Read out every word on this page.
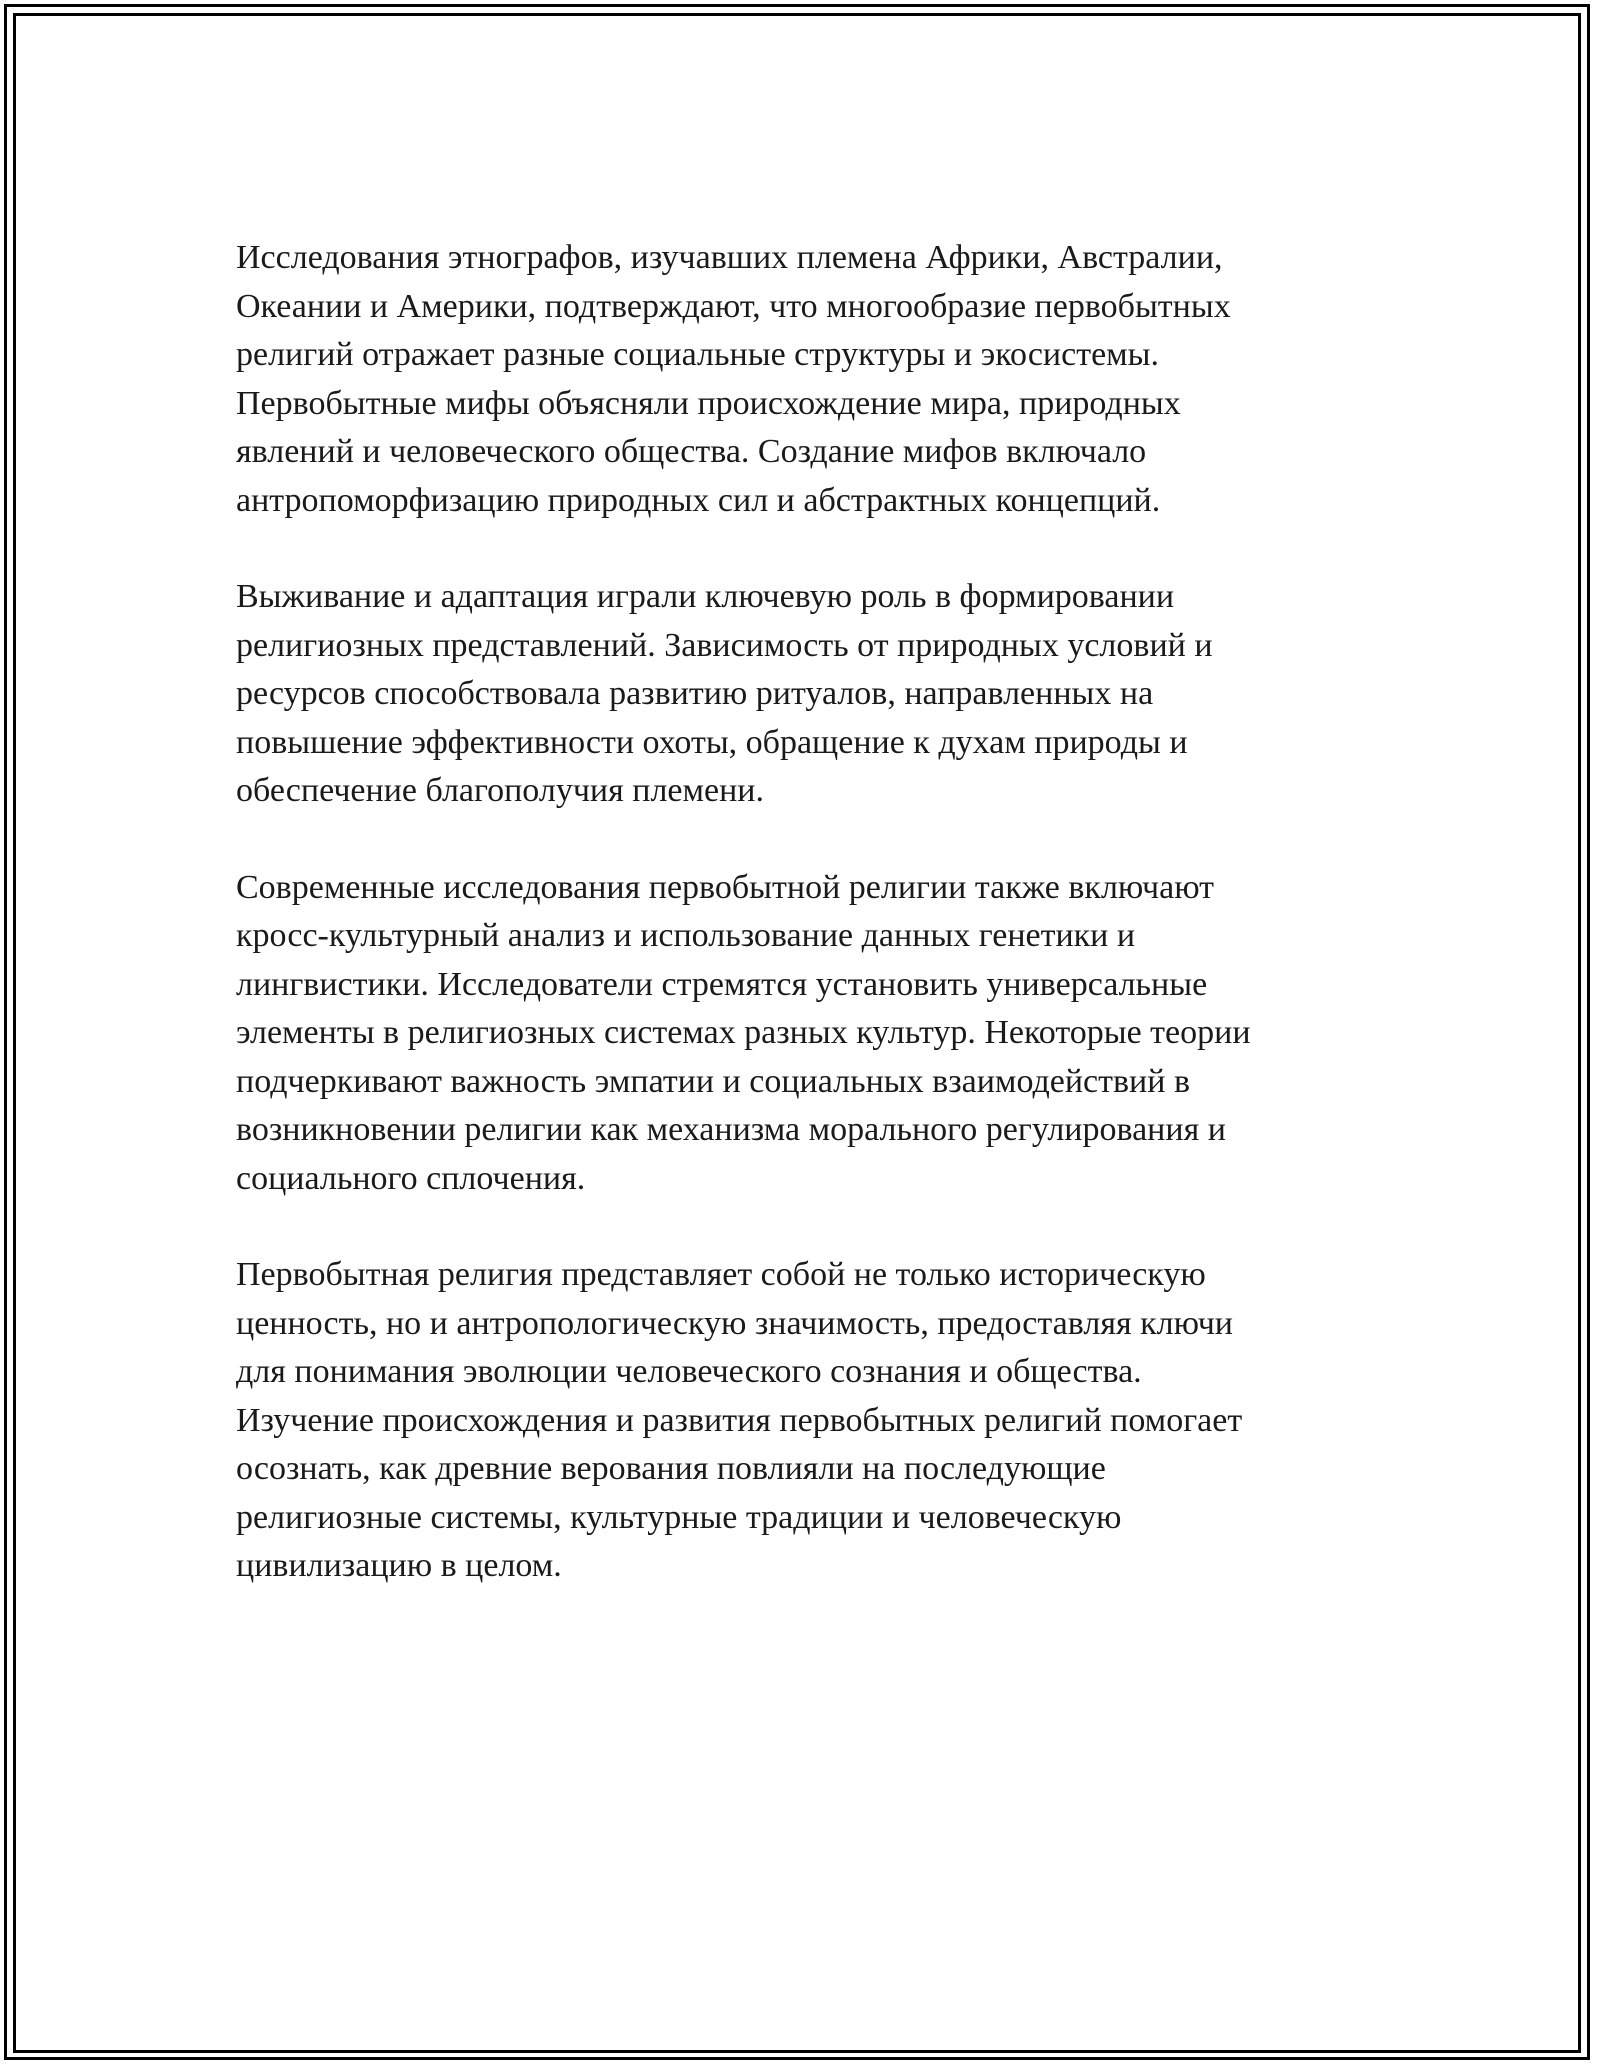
Исследования этнографов, изучавших племена Африки, Австралии,
Океании и Америки, подтверждают, что многообразие первобытных
религий отражает разные социальные структуры и экосистемы.
Первобытные мифы объясняли происхождение мира, природных
явлений и человеческого общества. Создание мифов включало
антропоморфизацию природных сил и абстрактных концепций.

Выживание и адаптация играли ключевую роль в формировании
религиозных представлений. Зависимость от природных условий и
ресурсов способствовала развитию ритуалов, направленных на
повышение эффективности охоты, обращение к духам природы и
обеспечение благополучия племени.

Современные исследования первобытной религии также включают
кросс-культурный анализ и использование данных генетики и
лингвистики. Исследователи стремятся установить универсальные
элементы в религиозных системах разных культур. Некоторые теории
подчеркивают важность эмпатии и социальных взаимодействий в
возникновении религии как механизма морального регулирования и
социального сплочения.

Первобытная религия представляет собой не только историческую
ценность, но и антропологическую значимость, предоставляя ключи
для понимания эволюции человеческого сознания и общества.
Изучение происхождения и развития первобытных религий помогает
осознать, как древние верования повлияли на последующие
религиозные системы, культурные традиции и человеческую
цивилизацию в целом.
